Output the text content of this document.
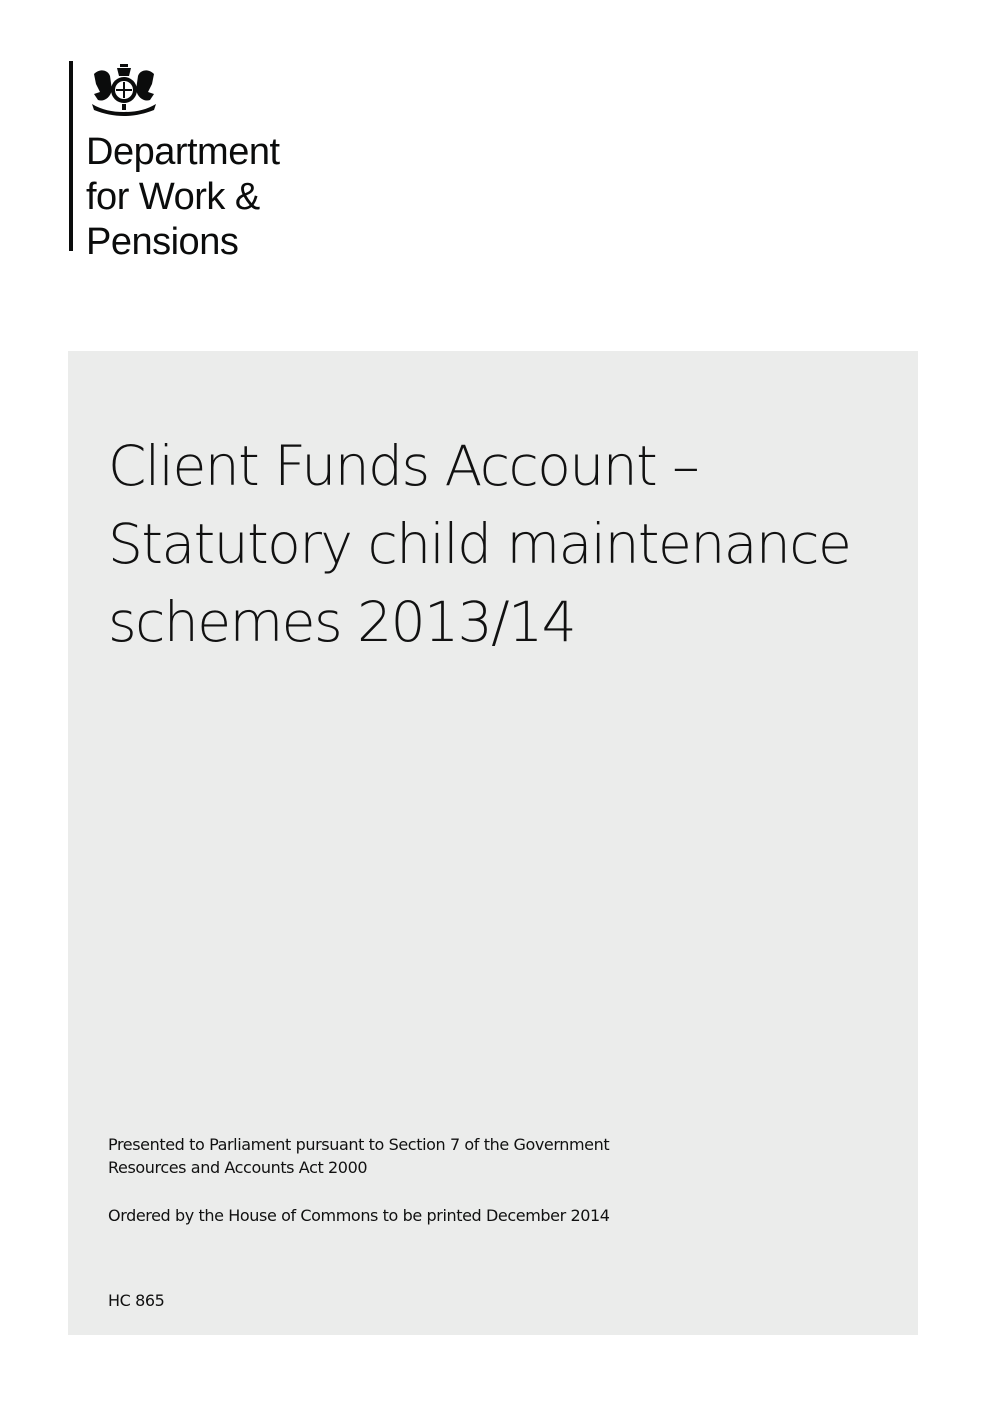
Department
for Work &
Pensions
Client Funds Account –
Statutory child maintenance
schemes 2013/14
Presented to Parliament pursuant to Section 7 of the Government
Resources and Accounts Act 2000
Ordered by the House of Commons to be printed December 2014
HC 865
